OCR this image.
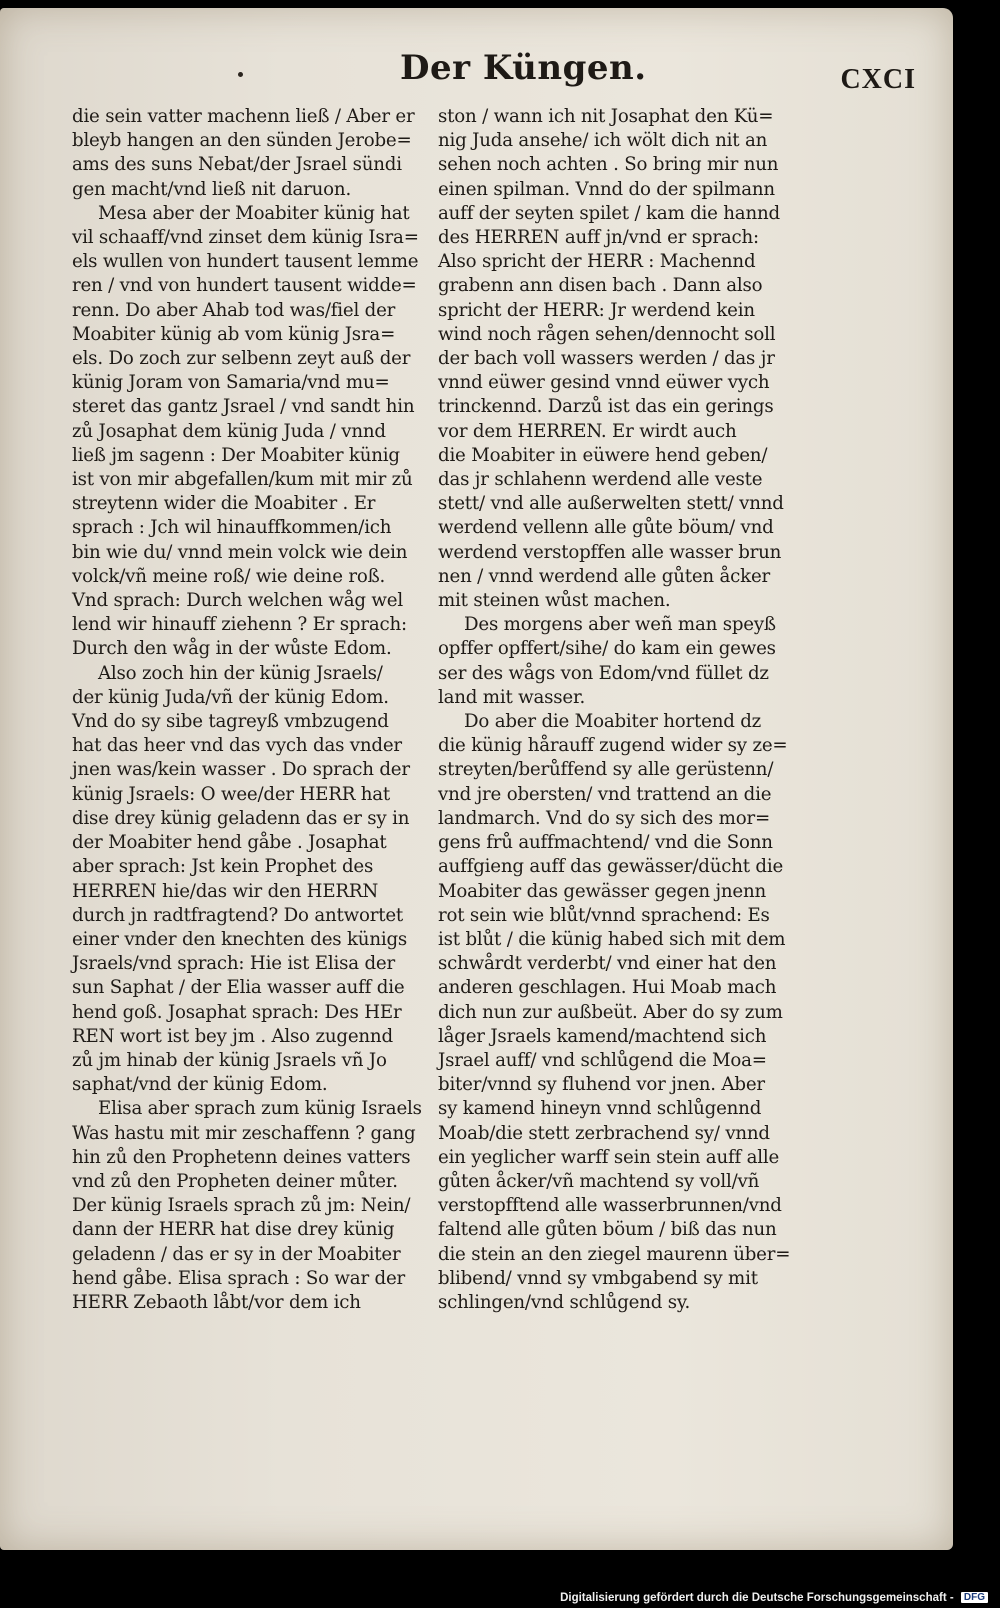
Der Küngen.	CXCI

die sein vatter machenn ließ / Aber er

bleyb hangen an den sünden Jerobe=

ams des suns Nebat/der Jsrael sündi

gen macht/vnd ließ nit daruon.

Mesa aber der Moabiter künig hat

vil schaaff/vnd zinset dem künig Isra=

els wullen von hundert tausent lemme

ren / vnd von hundert tausent widde=

renn. Do aber Ahab tod was/fiel der

Moabiter künig ab vom künig Jsra=

els. Do zoch zur selbenn zeyt auß der

künig Joram von Samaria/vnd mu=

steret das gantz Jsrael / vnd sandt hin

zů Josaphat dem künig Juda / vnnd

ließ jm sagenn : Der Moabiter künig

ist von mir abgefallen/kum mit mir zů

streytenn wider die Moabiter . Er

sprach : Jch wil hinauffkommen/ich

bin wie du/ vnnd mein volck wie dein

volck/vñ meine roß/ wie deine roß.

Vnd sprach: Durch welchen wåg wel

lend wir hinauff ziehenn ? Er sprach:

Durch den wåg in der wůste Edom.

Also zoch hin der künig Jsraels/

der künig Juda/vñ der künig Edom.

Vnd do sy sibe tagreyß vmbzugend

hat das heer vnd das vych das vnder

jnen was/kein wasser . Do sprach der

künig Jsraels: O wee/der HERR hat

dise drey künig geladenn das er sy in

der Moabiter hend gåbe . Josaphat

aber sprach: Jst kein Prophet des

HERREN hie/das wir den HERRN

durch jn radtfragtend? Do antwortet

einer vnder den knechten des künigs

Jsraels/vnd sprach: Hie ist Elisa der

sun Saphat / der Elia wasser auff die

hend goß. Josaphat sprach: Des HEr

REN wort ist bey jm . Also zugennd

zů jm hinab der künig Jsraels vñ Jo

saphat/vnd der künig Edom.

Elisa aber sprach zum künig Israels

Was hastu mit mir zeschaffenn ? gang

hin zů den Prophetenn deines vatters

vnd zů den Propheten deiner můter.

Der künig Israels sprach zů jm: Nein/

dann der HERR hat dise drey künig

geladenn / das er sy in der Moabiter

hend gåbe. Elisa sprach : So war der

HERR Zebaoth låbt/vor dem ich

ston / wann ich nit Josaphat den Kü=

nig Juda ansehe/ ich wölt dich nit an

sehen noch achten . So bring mir nun

einen spilman. Vnnd do der spilmann

auff der seyten spilet / kam die hannd

des HERREN auff jn/vnd er sprach:

Also spricht der HERR : Machennd

grabenn ann disen bach . Dann also

spricht der HERR: Jr werdend kein

wind noch rågen sehen/dennocht soll

der bach voll wassers werden / das jr

vnnd eüwer gesind vnnd eüwer vych

trinckennd. Darzů ist das ein gerings

vor dem HERREN. Er wirdt auch

die Moabiter in eüwere hend geben/

das jr schlahenn werdend alle veste

stett/ vnd alle außerwelten stett/ vnnd

werdend vellenn alle gůte böum/ vnd

werdend verstopffen alle wasser brun

nen / vnnd werdend alle gůten åcker

mit steinen wůst machen.

Des morgens aber weñ man speyß

opffer opffert/sihe/ do kam ein gewes

ser des wågs von Edom/vnd füllet dz

land mit wasser.

Do aber die Moabiter hortend dz

die künig hårauff zugend wider sy ze=

streyten/berůffend sy alle gerüstenn/

vnd jre obersten/ vnd trattend an die

landmarch. Vnd do sy sich des mor=

gens frů auffmachtend/ vnd die Sonn

auffgieng auff das gewässer/dücht die

Moabiter das gewässer gegen jnenn

rot sein wie blůt/vnnd sprachend: Es

ist blůt / die künig habed sich mit dem

schwårdt verderbt/ vnd einer hat den

anderen geschlagen. Hui Moab mach

dich nun zur außbeüt. Aber do sy zum

låger Jsraels kamend/machtend sich

Jsrael auff/ vnd schlůgend die Moa=

biter/vnnd sy fluhend vor jnen. Aber

sy kamend hineyn vnnd schlůgennd

Moab/die stett zerbrachend sy/ vnnd

ein yeglicher warff sein stein auff alle

gůten åcker/vñ machtend sy voll/vñ

verstopfftend alle wasserbrunnen/vnd

faltend alle gůten böum / biß das nun

die stein an den ziegel maurenn über=

blibend/ vnnd sy vmbgabend sy mit

schlingen/vnd schlůgend sy.

Digitalisierung gefördert durch die Deutsche Forschungsgemeinschaft - DFG
